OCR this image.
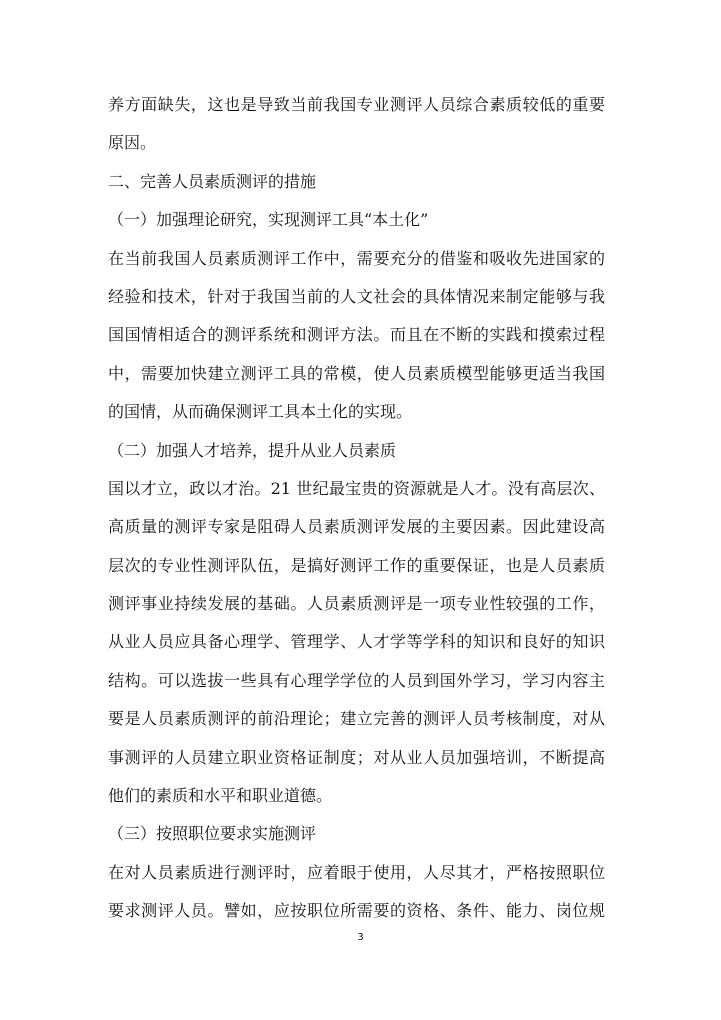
养方面缺失，这也是导致当前我国专业测评人员综合素质较低的重要
原因。
二、完善人员素质测评的措施
（一）加强理论研究，实现测评工具“本土化”
在当前我国人员素质测评工作中，需要充分的借鉴和吸收先进国家的
经验和技术，针对于我国当前的人文社会的具体情况来制定能够与我
国国情相适合的测评系统和测评方法。而且在不断的实践和摸索过程
中，需要加快建立测评工具的常模，使人员素质模型能够更适当我国
的国情，从而确保测评工具本土化的实现。
（二）加强人才培养，提升从业人员素质
国以才立，政以才治。21 世纪最宝贵的资源就是人才。没有高层次、
高质量的测评专家是阻碍人员素质测评发展的主要因素。因此建设高
层次的专业性测评队伍，是搞好测评工作的重要保证，也是人员素质
测评事业持续发展的基础。人员素质测评是一项专业性较强的工作，
从业人员应具备心理学、管理学、人才学等学科的知识和良好的知识
结构。可以选拔一些具有心理学学位的人员到国外学习，学习内容主
要是人员素质测评的前沿理论；建立完善的测评人员考核制度，对从
事测评的人员建立职业资格证制度；对从业人员加强培训，不断提高
他们的素质和水平和职业道德。
（三）按照职位要求实施测评
在对人员素质进行测评时，应着眼于使用，人尽其才，严格按照职位
要求测评人员。譬如，应按职位所需要的资格、条件、能力、岗位规
3
